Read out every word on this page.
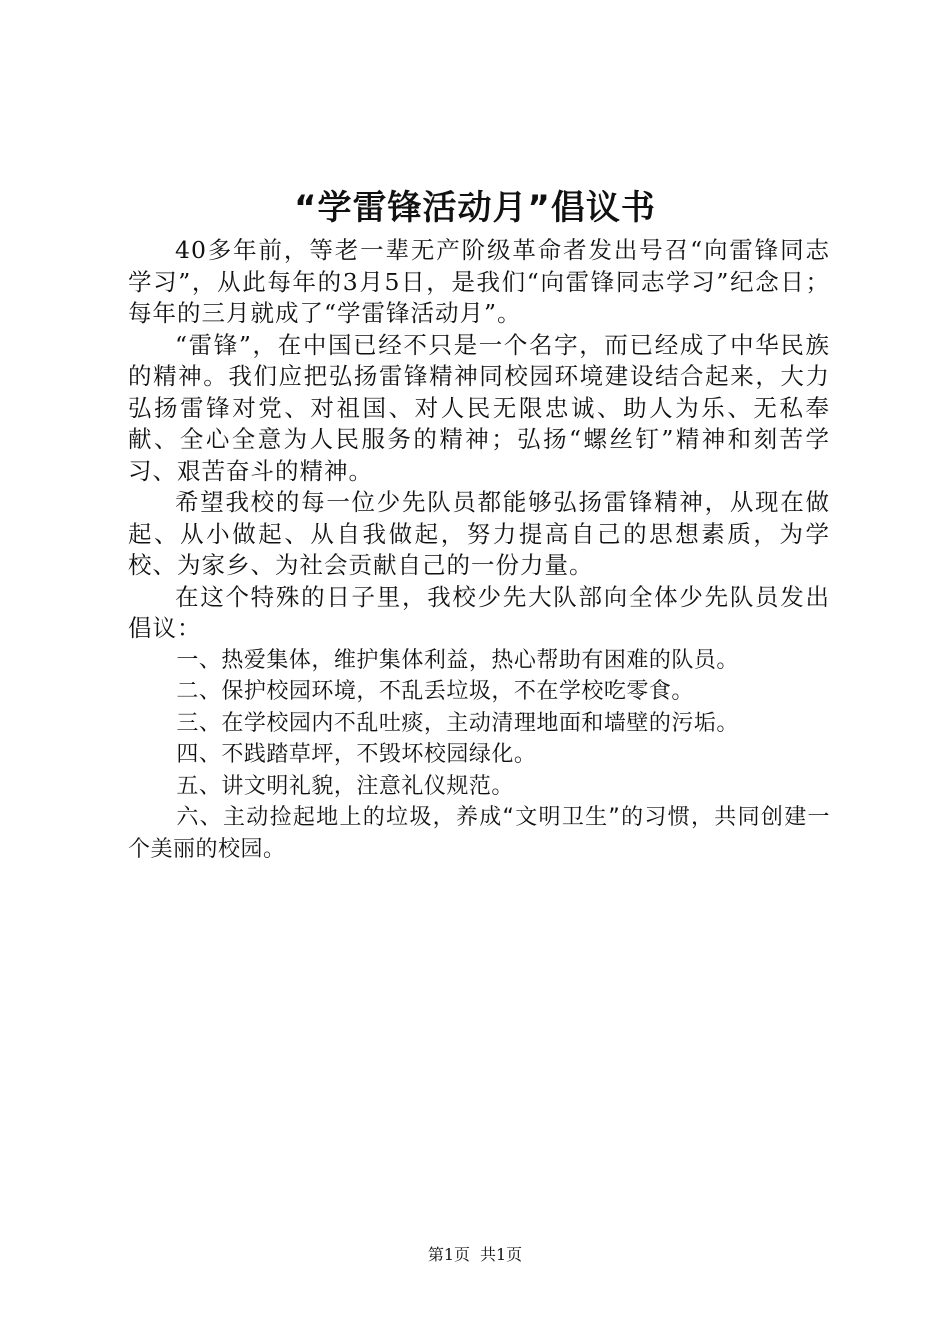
“学雷锋活动月”倡议书

40多年前，等老一辈无产阶级革命者发出号召“向雷锋同志学习”，从此每年的3月5日，是我们“向雷锋同志学习”纪念日；每年的三月就成了“学雷锋活动月”。

“雷锋”，在中国已经不只是一个名字，而已经成了中华民族的精神。我们应把弘扬雷锋精神同校园环境建设结合起来，大力弘扬雷锋对党、对祖国、对人民无限忠诚、助人为乐、无私奉献、全心全意为人民服务的精神；弘扬“螺丝钉”精神和刻苦学习、艰苦奋斗的精神。

希望我校的每一位少先队员都能够弘扬雷锋精神，从现在做起、从小做起、从自我做起，努力提高自己的思想素质，为学校、为家乡、为社会贡献自己的一份力量。

在这个特殊的日子里，我校少先大队部向全体少先队员发出倡议：

一、热爱集体，维护集体利益，热心帮助有困难的队员。

二、保护校园环境，不乱丢垃圾，不在学校吃零食。

三、在学校园内不乱吐痰，主动清理地面和墙壁的污垢。

四、不践踏草坪，不毁坏校园绿化。

五、讲文明礼貌，注意礼仪规范。

六、主动捡起地上的垃圾，养成“文明卫生”的习惯，共同创建一个美丽的校园。

第1页 共1页
